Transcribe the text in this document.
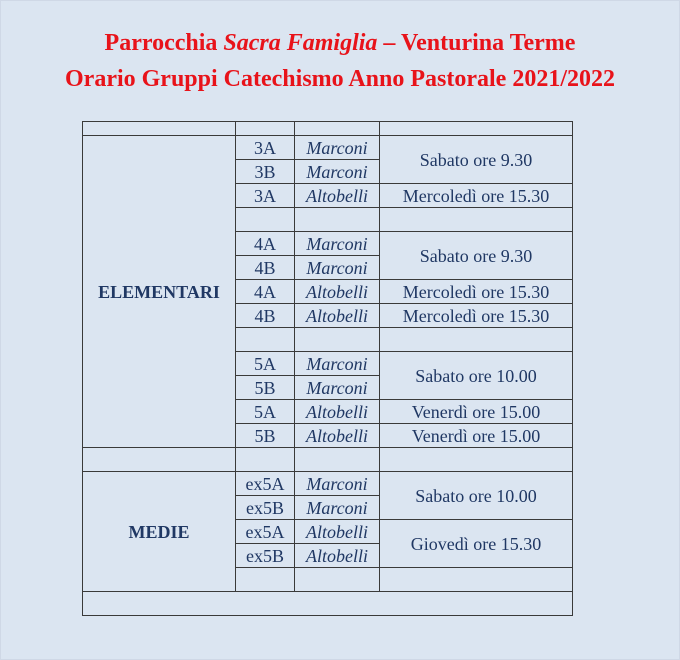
Parrocchia Sacra Famiglia – Venturina Terme
Orario Gruppi Catechismo Anno Pastorale 2021/2022

ELEMENTARI	3A	Marconi	Sabato ore 9.30
	3B	Marconi	
	3A	Altobelli	Mercoledì ore 15.30

	4A	Marconi	Sabato ore 9.30
	4B	Marconi	
	4A	Altobelli	Mercoledì ore 15.30
	4B	Altobelli	Mercoledì ore 15.30

	5A	Marconi	Sabato ore 10.00
	5B	Marconi	
	5A	Altobelli	Venerdì ore 15.00
	5B	Altobelli	Venerdì ore 15.00

MEDIE	ex5A	Marconi	Sabato ore 10.00
	ex5B	Marconi	
	ex5A	Altobelli	Giovedì ore 15.30
	ex5B	Altobelli	
